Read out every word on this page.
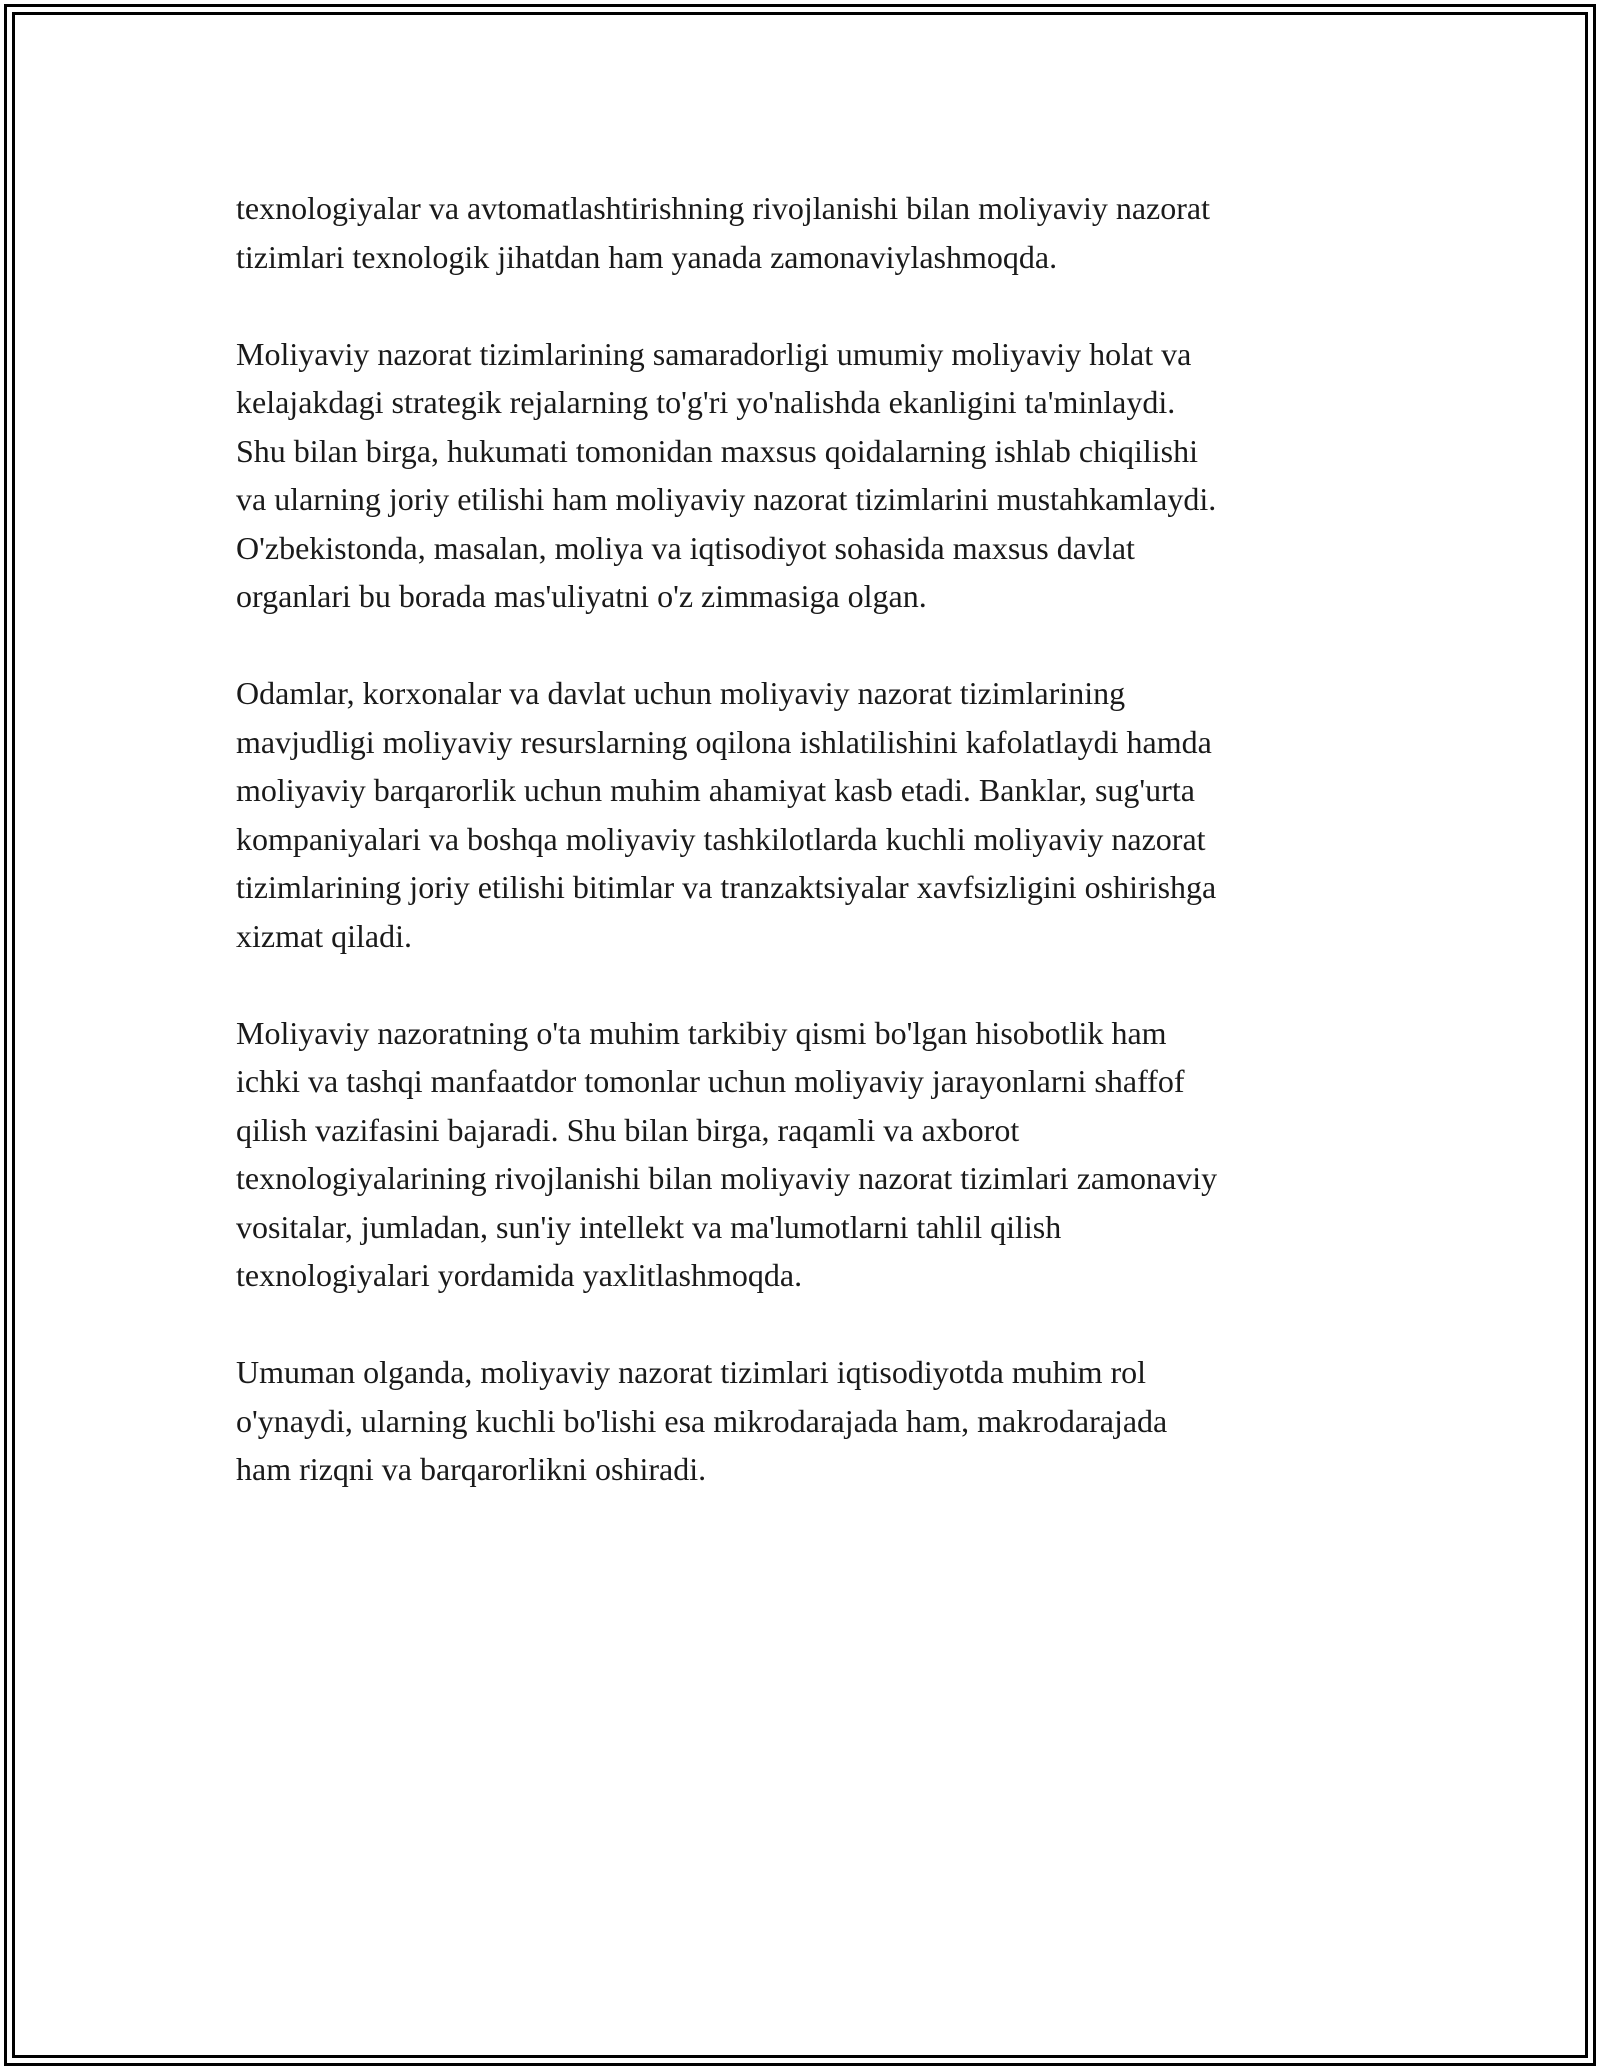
texnologiyalar va avtomatlashtirishning rivojlanishi bilan moliyaviy nazorat
tizimlari texnologik jihatdan ham yanada zamonaviylashmoqda.

Moliyaviy nazorat tizimlarining samaradorligi umumiy moliyaviy holat va
kelajakdagi strategik rejalarning to'g'ri yo'nalishda ekanligini ta'minlaydi.
Shu bilan birga, hukumati tomonidan maxsus qoidalarning ishlab chiqilishi
va ularning joriy etilishi ham moliyaviy nazorat tizimlarini mustahkamlaydi.
O'zbekistonda, masalan, moliya va iqtisodiyot sohasida maxsus davlat
organlari bu borada mas'uliyatni o'z zimmasiga olgan.

Odamlar, korxonalar va davlat uchun moliyaviy nazorat tizimlarining
mavjudligi moliyaviy resurslarning oqilona ishlatilishini kafolatlaydi hamda
moliyaviy barqarorlik uchun muhim ahamiyat kasb etadi. Banklar, sug'urta
kompaniyalari va boshqa moliyaviy tashkilotlarda kuchli moliyaviy nazorat
tizimlarining joriy etilishi bitimlar va tranzaktsiyalar xavfsizligini oshirishga
xizmat qiladi.

Moliyaviy nazoratning o'ta muhim tarkibiy qismi bo'lgan hisobotlik ham
ichki va tashqi manfaatdor tomonlar uchun moliyaviy jarayonlarni shaffof
qilish vazifasini bajaradi. Shu bilan birga, raqamli va axborot
texnologiyalarining rivojlanishi bilan moliyaviy nazorat tizimlari zamonaviy
vositalar, jumladan, sun'iy intellekt va ma'lumotlarni tahlil qilish
texnologiyalari yordamida yaxlitlashmoqda.

Umuman olganda, moliyaviy nazorat tizimlari iqtisodiyotda muhim rol
o'ynaydi, ularning kuchli bo'lishi esa mikrodarajada ham, makrodarajada
ham rizqni va barqarorlikni oshiradi.
